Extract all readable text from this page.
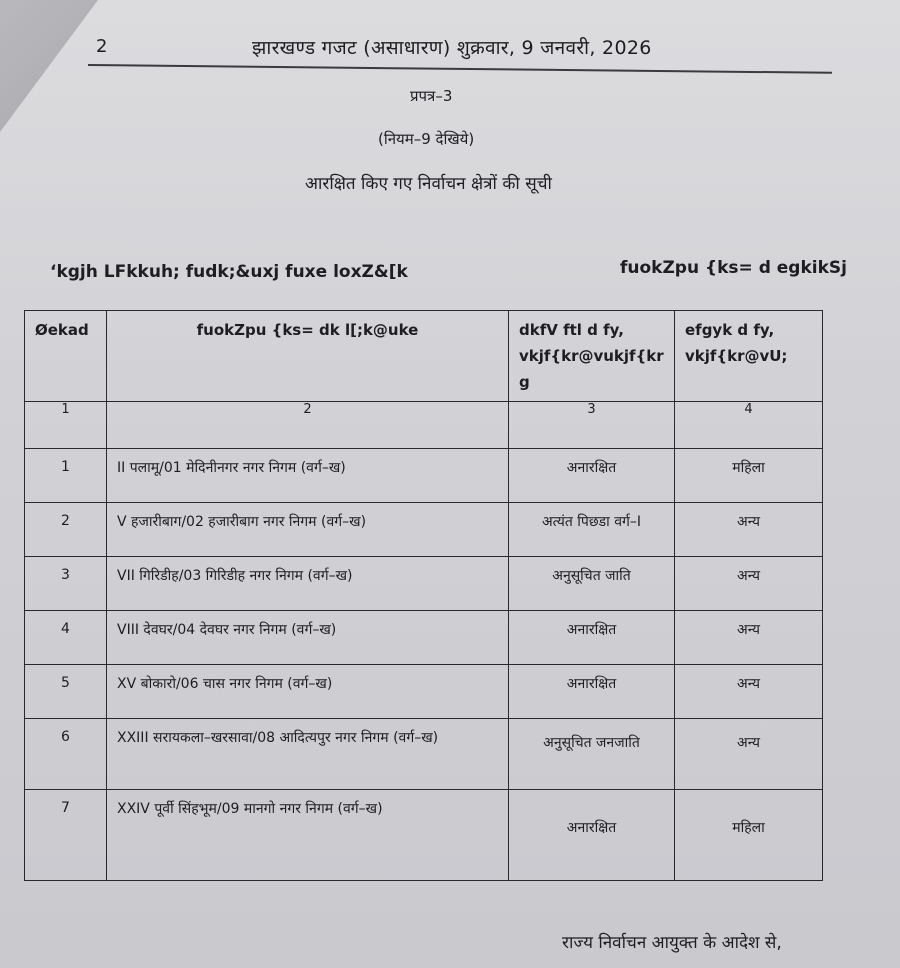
2	झारखण्ड गजट (असाधारण) शुक्रवार, 9 जनवरी, 2026
प्रपत्र–3
(नियम–9 देखिये)
आरक्षित किए गए निर्वाचन क्षेत्रों की सूची
‘kgjh LFkkuh; fudk;&uxj fuxe loxZ&[k	fuokZpu {ks= d egkikSj
Øekad	fuokZpu {ks= dk l[;k@uke	dkfV ftl d fy, vkjf{kr@vukjf{kr g	efgyk d fy, vkjf{kr@vU;

1	2	3	4

1	II पलामू/01 मेदिनीनगर नगर निगम (वर्ग–ख)	अनारक्षित	महिला

2	V हजारीबाग/02 हजारीबाग नगर निगम (वर्ग–ख)	अत्यंत पिछडा वर्ग–I	अन्य

3	VII गिरिडीह/03 गिरिडीह नगर निगम (वर्ग–ख)	अनुसूचित जाति	अन्य

4	VIII देवघर/04 देवघर नगर निगम (वर्ग–ख)	अनारक्षित	अन्य

5	XV बोकारो/06 चास नगर निगम (वर्ग–ख)	अनारक्षित	अन्य

6	XXIII सरायकला–खरसावा/08 आदित्यपुर नगर निगम (वर्ग–ख)	अनुसूचित जनजाति	अन्य

7	XXIV पूर्वी सिंहभूम/09 मानगो नगर निगम (वर्ग–ख)	अनारक्षित	महिला
राज्य निर्वाचन आयुक्त के आदेश से,
